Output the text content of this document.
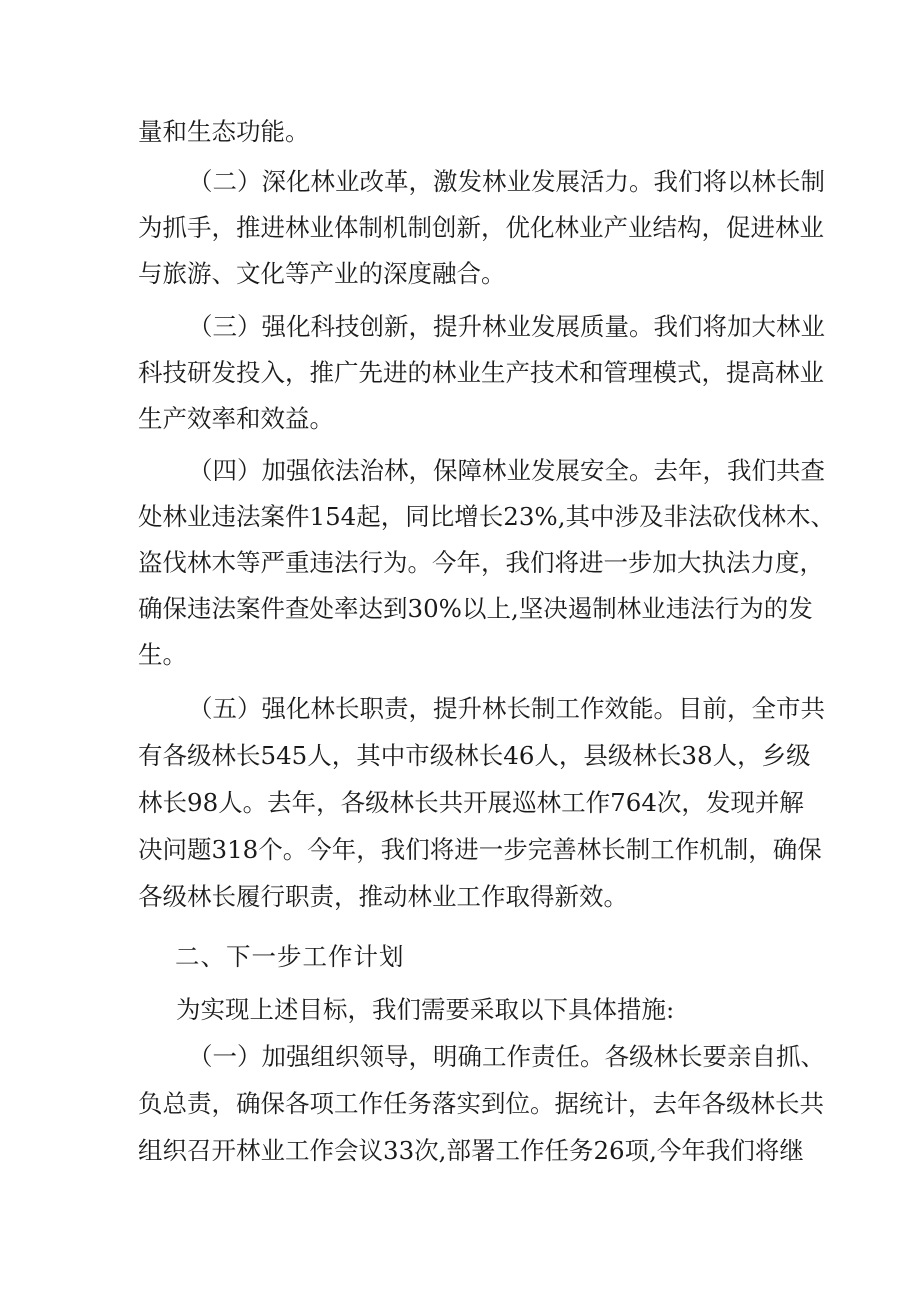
量和生态功能。
（二）深化林业改革，激发林业发展活力。我们将以林长制
为抓手，推进林业体制机制创新，优化林业产业结构，促进林业
与旅游、文化等产业的深度融合。
（三）强化科技创新，提升林业发展质量。我们将加大林业
科技研发投入，推广先进的林业生产技术和管理模式，提高林业
生产效率和效益。
（四）加强依法治林，保障林业发展安全。去年，我们共查
处林业违法案件154起，同比增长23%,其中涉及非法砍伐林木、
盗伐林木等严重违法行为。今年，我们将进一步加大执法力度，
确保违法案件查处率达到30%以上,坚决遏制林业违法行为的发
生。
（五）强化林长职责，提升林长制工作效能。目前，全市共
有各级林长545人，其中市级林长46人，县级林长38人，乡级
林长98人。去年，各级林长共开展巡林工作764次，发现并解
决问题318个。今年，我们将进一步完善林长制工作机制，确保
各级林长履行职责，推动林业工作取得新效。
二、下一步工作计划
为实现上述目标，我们需要采取以下具体措施:
（一）加强组织领导，明确工作责任。各级林长要亲自抓、
负总责，确保各项工作任务落实到位。据统计，去年各级林长共
组织召开林业工作会议33次,部署工作任务26项,今年我们将继
